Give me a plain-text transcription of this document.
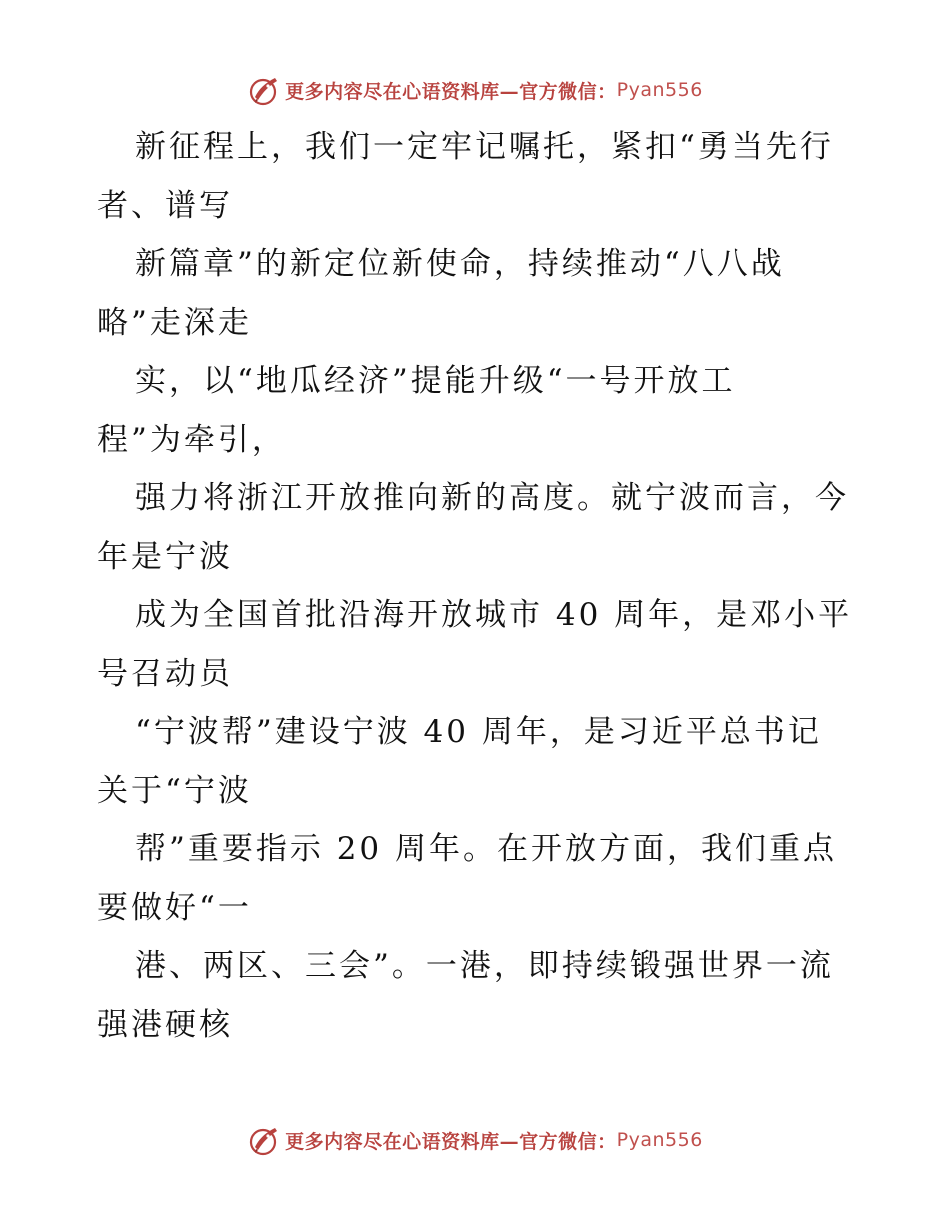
更多内容尽在心语资料库—官方微信： Pyan556
新征程上，我们一定牢记嘱托，紧扣“勇当先行
者、谱写
新篇章”的新定位新使命，持续推动“八八战
略”走深走
实，以“地瓜经济”提能升级“一号开放工
程”为牵引，
强力将浙江开放推向新的高度。就宁波而言，今
年是宁波
成为全国首批沿海开放城市 40 周年，是邓小平
号召动员
“宁波帮”建设宁波 40 周年，是习近平总书记
关于“宁波
帮”重要指示 20 周年。在开放方面，我们重点
要做好“一
港、两区、三会”。一港，即持续锻强世界一流
强港硬核
更多内容尽在心语资料库—官方微信： Pyan556
